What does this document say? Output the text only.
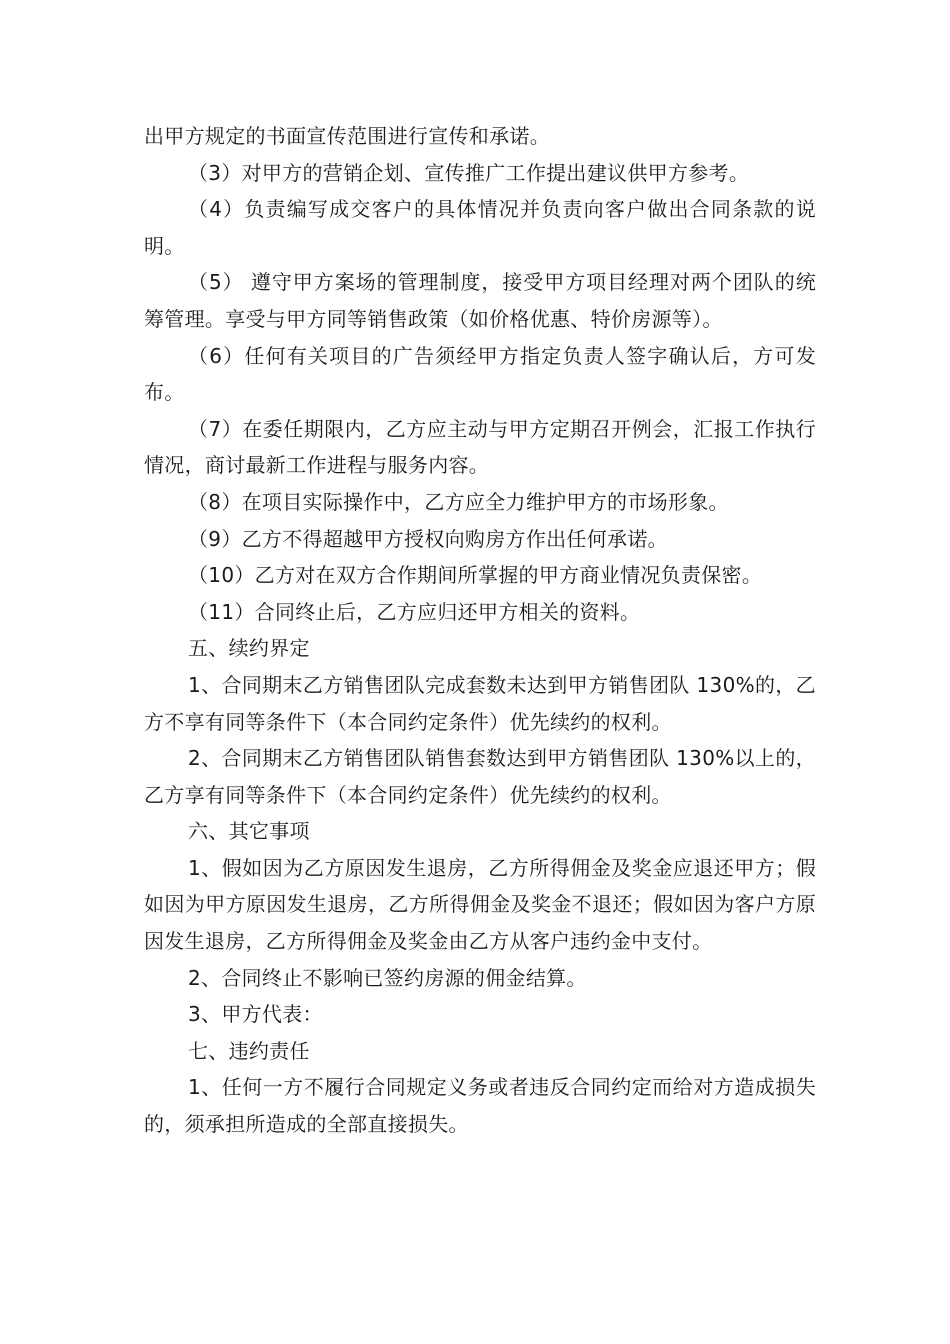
出甲方规定的书面宣传范围进行宣传和承诺。

（3）对甲方的营销企划、宣传推广工作提出建议供甲方参考。

（4）负责编写成交客户的具体情况并负责向客户做出合同条款的说明。

（5） 遵守甲方案场的管理制度，接受甲方项目经理对两个团队的统筹管理。享受与甲方同等销售政策（如价格优惠、特价房源等）。

（6）任何有关项目的广告须经甲方指定负责人签字确认后，方可发布。

（7）在委任期限内，乙方应主动与甲方定期召开例会，汇报工作执行情况，商讨最新工作进程与服务内容。

（8）在项目实际操作中，乙方应全力维护甲方的市场形象。

（9）乙方不得超越甲方授权向购房方作出任何承诺。

（10）乙方对在双方合作期间所掌握的甲方商业情况负责保密。

（11）合同终止后，乙方应归还甲方相关的资料。

五、续约界定

1、合同期末乙方销售团队完成套数未达到甲方销售团队 130%的，乙方不享有同等条件下（本合同约定条件）优先续约的权利。

2、合同期末乙方销售团队销售套数达到甲方销售团队 130%以上的，乙方享有同等条件下（本合同约定条件）优先续约的权利。

六、其它事项

1、假如因为乙方原因发生退房，乙方所得佣金及奖金应退还甲方；假如因为甲方原因发生退房，乙方所得佣金及奖金不退还；假如因为客户方原因发生退房，乙方所得佣金及奖金由乙方从客户违约金中支付。

2、合同终止不影响已签约房源的佣金结算。

3、甲方代表：

七、违约责任

1、任何一方不履行合同规定义务或者违反合同约定而给对方造成损失的，须承担所造成的全部直接损失。
